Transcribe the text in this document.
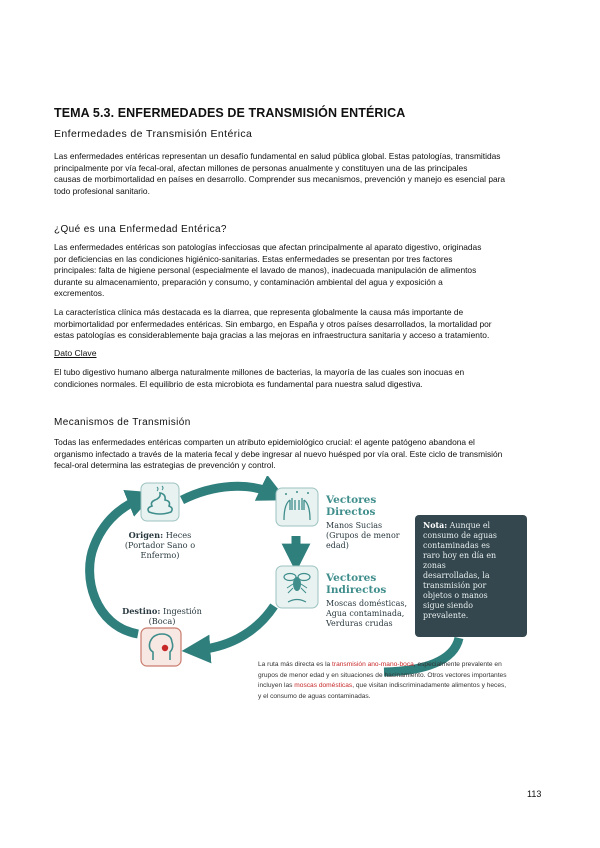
TEMA 5.3. ENFERMEDADES DE TRANSMISIÓN ENTÉRICA
Enfermedades de Transmisión Entérica

Las enfermedades entéricas representan un desafío fundamental en salud pública global. Estas patologías, transmitidas
principalmente por vía fecal-oral, afectan millones de personas anualmente y constituyen una de las principales
causas de morbimortalidad en países en desarrollo. Comprender sus mecanismos, prevención y manejo es esencial para
todo profesional sanitario.

¿Qué es una Enfermedad Entérica?

Las enfermedades entéricas son patologías infecciosas que afectan principalmente al aparato digestivo, originadas
por deficiencias en las condiciones higiénico-sanitarias. Estas enfermedades se presentan por tres factores
principales: falta de higiene personal (especialmente el lavado de manos), inadecuada manipulación de alimentos
durante su almacenamiento, preparación y consumo, y contaminación ambiental del agua y exposición a
excrementos.

La característica clínica más destacada es la diarrea, que representa globalmente la causa más importante de
morbimortalidad por enfermedades entéricas. Sin embargo, en España y otros países desarrollados, la mortalidad por
estas patologías es considerablemente baja gracias a las mejoras en infraestructura sanitaria y acceso a tratamiento.

Dato Clave

El tubo digestivo humano alberga naturalmente millones de bacterias, la mayoría de las cuales son inocuas en
condiciones normales. El equilibrio de esta microbiota es fundamental para nuestra salud digestiva.

Mecanismos de Transmisión

Todas las enfermedades entéricas comparten un atributo epidemiológico crucial: el agente patógeno abandona el
organismo infectado a través de la materia fecal y debe ingresar al nuevo huésped por vía oral. Este ciclo de transmisión
fecal-oral determina las estrategias de prevención y control.

Origen: Heces
(Portador Sano o
Enfermo)
Destino: Ingestión
(Boca)
Vectores
Directos
Manos Sucias
(Grupos de menor
edad)
Vectores
Indirectos
Moscas domésticas,
Agua contaminada,
Verduras crudas
Nota: Aunque el
consumo de aguas
contaminadas es
raro hoy en día en
zonas
desarrolladas, la
transmisión por
objetos o manos
sigue siendo
prevalente.
La ruta más directa es la transmisión ano-mano-boca, especialmente prevalente en
grupos de menor edad y en situaciones de hacinamiento. Otros vectores importantes
incluyen las moscas domésticas, que visitan indiscriminadamente alimentos y heces,
y el consumo de aguas contaminadas.
113
